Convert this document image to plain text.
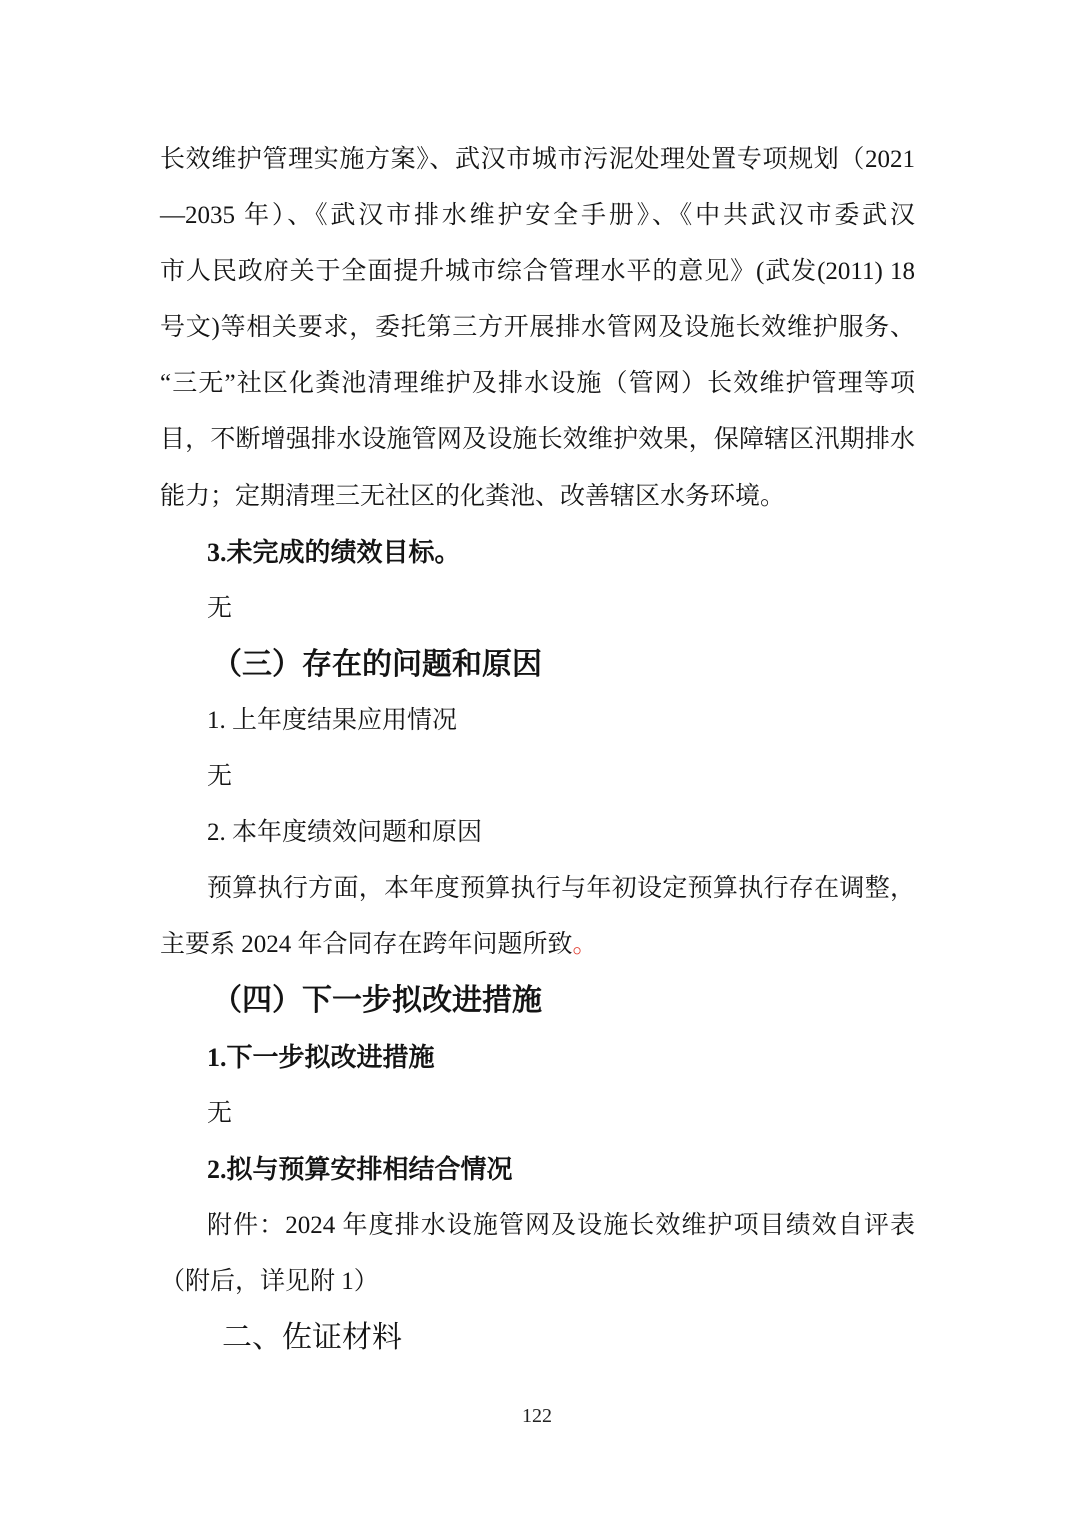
长效维护管理实施方案》、武汉市城市污泥处理处置专项规划（2021
—2035 年）、《武汉市排水维护安全手册》、《中共武汉市委武汉
市人民政府关于全面提升城市综合管理水平的意见》(武发(2011) 18
号文)等相关要求，委托第三方开展排水管网及设施长效维护服务、
“三无”社区化粪池清理维护及排水设施（管网）长效维护管理等项
目，不断增强排水设施管网及设施长效维护效果，保障辖区汛期排水
能力；定期清理三无社区的化粪池、改善辖区水务环境。
3.未完成的绩效目标。
无
（三）存在的问题和原因
1. 上年度结果应用情况
无
2. 本年度绩效问题和原因
预算执行方面，本年度预算执行与年初设定预算执行存在调整，
主要系 2024 年合同存在跨年问题所致。
（四）下一步拟改进措施
1.下一步拟改进措施
无
2.拟与预算安排相结合情况
附件：2024 年度排水设施管网及设施长效维护项目绩效自评表
（附后，详见附 1）
二、佐证材料
122
